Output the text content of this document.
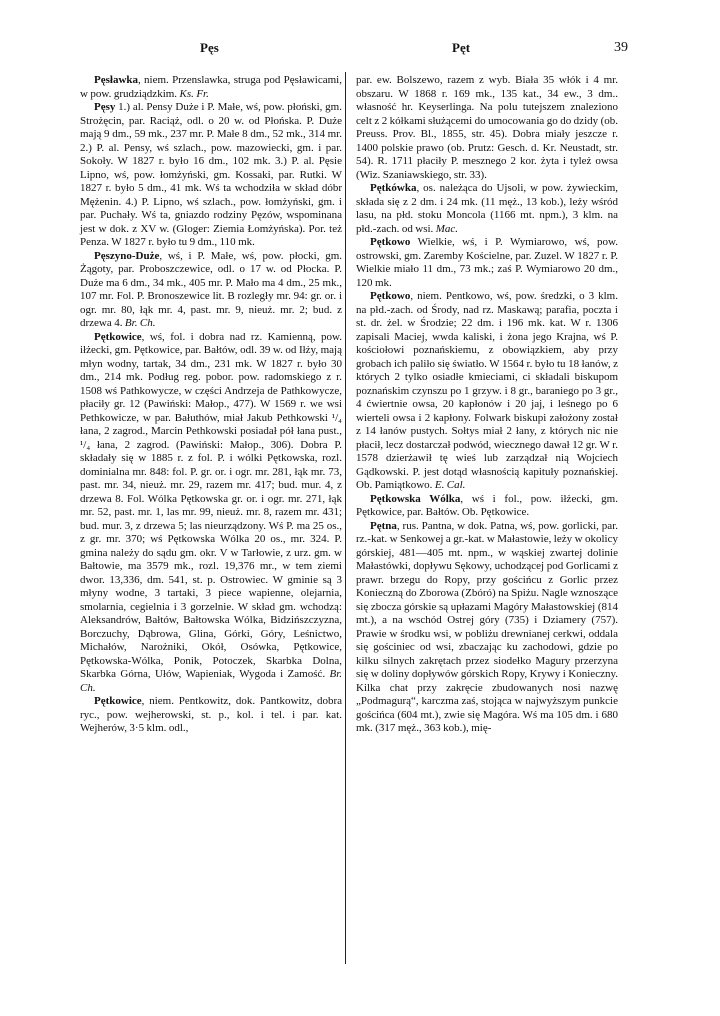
Pęs	Pęt	39

Pęsławka, niem. Przenslawka, struga pod Pęsławicami, w pow. grudziądzkim. Ks. Fr.

Pęsy 1.) al. Pensy Duże i P. Małe, wś, pow. płoński, gm. Strożęcin, par. Raciąż, odl. o 20 w. od Płońska. P. Duże mają 9 dm., 59 mk., 237 mr. P. Małe 8 dm., 52 mk., 314 mr. 2.) P. al. Pensy, wś szlach., pow. mazowiecki, gm. i par. Sokoły. W 1827 r. było 16 dm., 102 mk. 3.) P. al. Pęsie Lipno, wś, pow. łomżyński, gm. Kossaki, par. Rutki. W 1827 r. było 5 dm., 41 mk. Wś ta wchodziła w skład dóbr Mężenin. 4.) P. Lipno, wś szlach., pow. łomżyński, gm. i par. Puchały. Wś ta, gniazdo rodziny Pęzów, wspominana jest w dok. z XV w. (Gloger: Ziemia Łomżyńska). Por. też Penza. W 1827 r. było tu 9 dm., 110 mk.

Pęszyno-Duże, wś, i P. Małe, wś, pow. płocki, gm. Żągoty, par. Proboszczewice, odl. o 17 w. od Płocka. P. Duże ma 6 dm., 34 mk., 405 mr. P. Mało ma 4 dm., 25 mk., 107 mr. Fol. P. Bronoszewice lit. B rozległy mr. 94: gr. or. i ogr. mr. 80, łąk mr. 4, past. mr. 9, nieuż. mr. 2; bud. z drzewa 4. Br. Ch.

Pętkowice, wś, fol. i dobra nad rz. Kamienną, pow. iłżecki, gm. Pętkowice, par. Bałtów, odl. 39 w. od Iłży, mają młyn wodny, tartak, 34 dm., 231 mk. W 1827 r. było 30 dm., 214 mk. Podług reg. pobor. pow. radomskiego z r. 1508 wś Pathkowycze, w części Andrzeja de Pathkowycze, płaciły gr. 12 (Pawiński: Małop., 477). W 1569 r. we wsi Pethkowicze, w par. Bałuthów, miał Jakub Pethkowski ¹/₄ łana, 2 zagrod., Marcin Pethkowski posiadał pół łana pust., ¹/₄ łana, 2 zagrod. (Pawiński: Małop., 306). Dobra P. składały się w 1885 r. z fol. P. i wólki Pętkowska, rozl. dominialna mr. 848: fol. P. gr. or. i ogr. mr. 281, łąk mr. 73, past. mr. 34, nieuż. mr. 29, razem mr. 417; bud. mur. 4, z drzewa 8. Fol. Wólka Pętkowska gr. or. i ogr. mr. 271, łąk mr. 52, past. mr. 1, las mr. 99, nieuż. mr. 8, razem mr. 431; bud. mur. 3, z drzewa 5; las nieurządzony. Wś P. ma 25 os., z gr. mr. 370; wś Pętkowska Wólka 20 os., mr. 324. P. gmina należy do sądu gm. okr. V w Tarłowie, z urz. gm. w Bałtowie, ma 3579 mk., rozl. 19,376 mr., w tem ziemi dwor. 13,336, dm. 541, st. p. Ostrowiec. W gminie są 3 młyny wodne, 3 tartaki, 3 piece wapienne, olejarnia, smolarnia, cegielnia i 3 gorzelnie. W skład gm. wchodzą: Aleksandrów, Bałtów, Bałtowska Wólka, Bidzińszczyzna, Borczuchy, Dąbrowa, Glina, Górki, Góry, Leśnictwo, Michałów, Narożniki, Okół, Osówka, Pętkowice, Pętkowska-Wólka, Ponik, Potoczek, Skarbka Dolna, Skarbka Górna, Ułów, Wapieniak, Wygoda i Zamość. Br. Ch.

Pętkowice, niem. Pentkowitz, dok. Pantkowitz, dobra ryc., pow. wejherowski, st. p., kol. i tel. i par. kat. Wejherów, 3·5 klm. odl.,

par. ew. Bolszewo, razem z wyb. Biała 35 włók i 4 mr. obszaru. W 1868 r. 169 mk., 135 kat., 34 ew., 3 dm.. własność hr. Keyserlinga. Na polu tutejszem znaleziono celt z 2 kółkami służącemi do umocowania go do dzidy (ob. Preuss. Prov. Bl., 1855, str. 45). Dobra miały jeszcze r. 1400 polskie prawo (ob. Prutz: Gesch. d. Kr. Neustadt, str. 54). R. 1711 płaciły P. mesznego 2 kor. żyta i tyleż owsa (Wiz. Szaniawskiego, str. 33).

Pętkówka, os. należąca do Ujsoli, w pow. żywieckim, składa się z 2 dm. i 24 mk. (11 męż., 13 kob.), leży wśród lasu, na płd. stoku Moncola (1166 mt. npm.), 3 klm. na płd.-zach. od wsi. Mac.

Pętkowo Wielkie, wś, i P. Wymiarowo, wś, pow. ostrowski, gm. Zaremby Kościelne, par. Zuzel. W 1827 r. P. Wielkie miało 11 dm., 73 mk.; zaś P. Wymiarowo 20 dm., 120 mk.

Pętkowo, niem. Pentkowo, wś, pow. średzki, o 3 klm. na płd.-zach. od Środy, nad rz. Maskawą; parafia, poczta i st. dr. żel. w Środzie; 22 dm. i 196 mk. kat. W r. 1306 zapisali Maciej, wwda kaliski, i żona jego Krajna, wś P. kościołowi poznańskiemu, z obowiązkiem, aby przy grobach ich paliło się światło. W 1564 r. było tu 18 łanów, z których 2 tylko osiadłe kmieciami, ci składali biskupom poznańskim czynszu po 1 grzyw. i 8 gr., baraniego po 3 gr., 4 ćwiertnie owsa, 20 kapłonów i 20 jaj, i leśnego po 6 wierteli owsa i 2 kapłony. Folwark biskupi założony został z 14 łanów pustych. Sołtys miał 2 łany, z których nic nie płacił, lecz dostarczał podwód, wiecznego dawał 12 gr. W r. 1578 dzierżawił tę wieś lub zarządzał nią Wojciech Gądkowski. P. jest dotąd własnością kapituły poznańskiej. Ob. Pamiątkowo. E. Cal.

Pętkowska Wólka, wś i fol., pow. iłżecki, gm. Pętkowice, par. Bałtów. Ob. Pętkowice.

Pętna, rus. Pantna, w dok. Patna, wś, pow. gorlicki, par. rz.-kat. w Senkowej a gr.-kat. w Małastowie, leży w okolicy górskiej, 481—405 mt. npm., w wąskiej zwartej dolinie Małastówki, dopływu Sękowy, uchodzącej pod Gorlicami z prawr. brzegu do Ropy, przy gościńcu z Gorlic przez Konieczną do Zborowa (Zbóró) na Spiżu. Nagle wznoszące się zbocza górskie są upłazami Magóry Małastowskiej (814 mt.), a na wschód Ostrej góry (735) i Dziamery (757). Prawie w środku wsi, w pobliżu drewnianej cerkwi, oddala się gościniec od wsi, zbaczając ku zachodowi, gdzie po kilku silnych zakrętach przez siodełko Magury przerzyna się w doliny dopływów górskich Ropy, Krywy i Konieczny. Kilka chat przy zakręcie zbudowanych nosi nazwę „Podmagurą“, karczma zaś, stojąca w najwyższym punkcie gościńca (604 mt.), zwie się Magóra. Wś ma 105 dm. i 680 mk. (317 męż., 363 kob.), mię-
